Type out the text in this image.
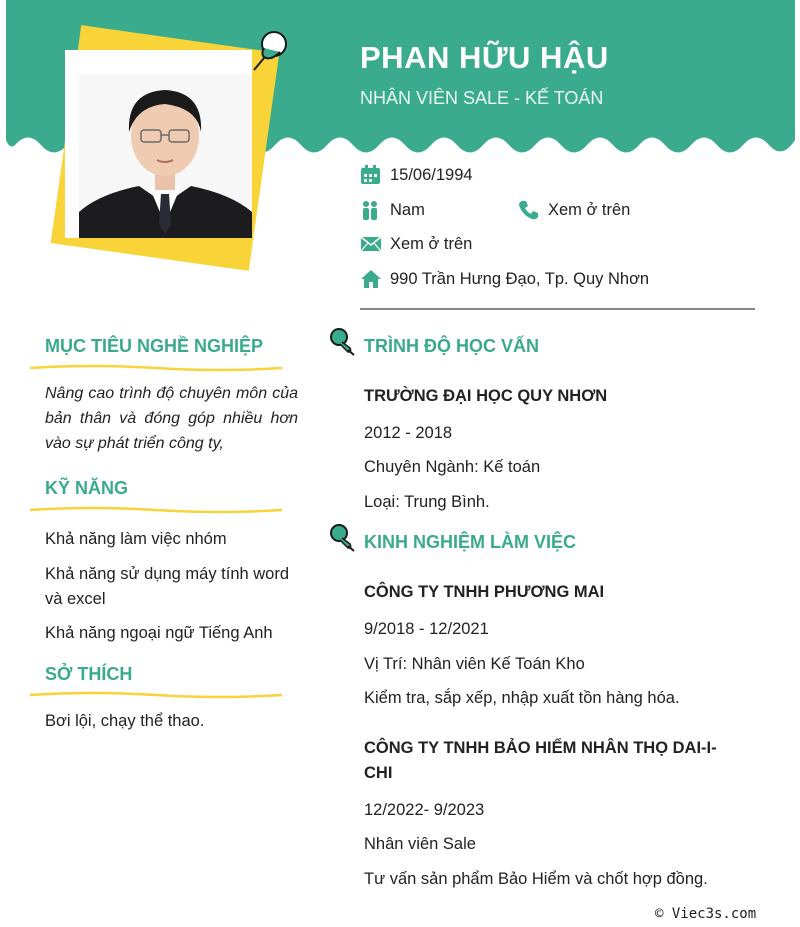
PHAN HỮU HẬU
NHÂN VIÊN SALE - KẾ TOÁN
15/06/1994
Nam	Xem ở trên
Xem ở trên
990 Trần Hưng Đạo, Tp. Quy Nhơn
MỤC TIÊU NGHỀ NGHIỆP
Nâng cao trình độ chuyên môn của bản thân và đóng góp nhiều hơn vào sự phát triển công ty,
KỸ NĂNG
Khả năng làm việc nhóm
Khả năng sử dụng máy tính word và excel
Khả năng ngoại ngữ Tiếng Anh
SỞ THÍCH
Bơi lội, chạy thể thao.
TRÌNH ĐỘ HỌC VẤN
TRƯỜNG ĐẠI HỌC QUY NHƠN
2012 - 2018
Chuyên Ngành: Kế toán
Loại: Trung Bình.
KINH NGHIỆM LÀM VIỆC
CÔNG TY TNHH PHƯƠNG MAI
9/2018 - 12/2021
Vị Trí: Nhân viên Kế Toán Kho
Kiểm tra, sắp xếp, nhập xuất tồn hàng hóa.
CÔNG TY TNHH BẢO HIỂM NHÂN THỌ DAI-I-CHI
12/2022- 9/2023
Nhân viên Sale
Tư vấn sản phẩm Bảo Hiểm và chốt hợp đồng.
© Viec3s.com
